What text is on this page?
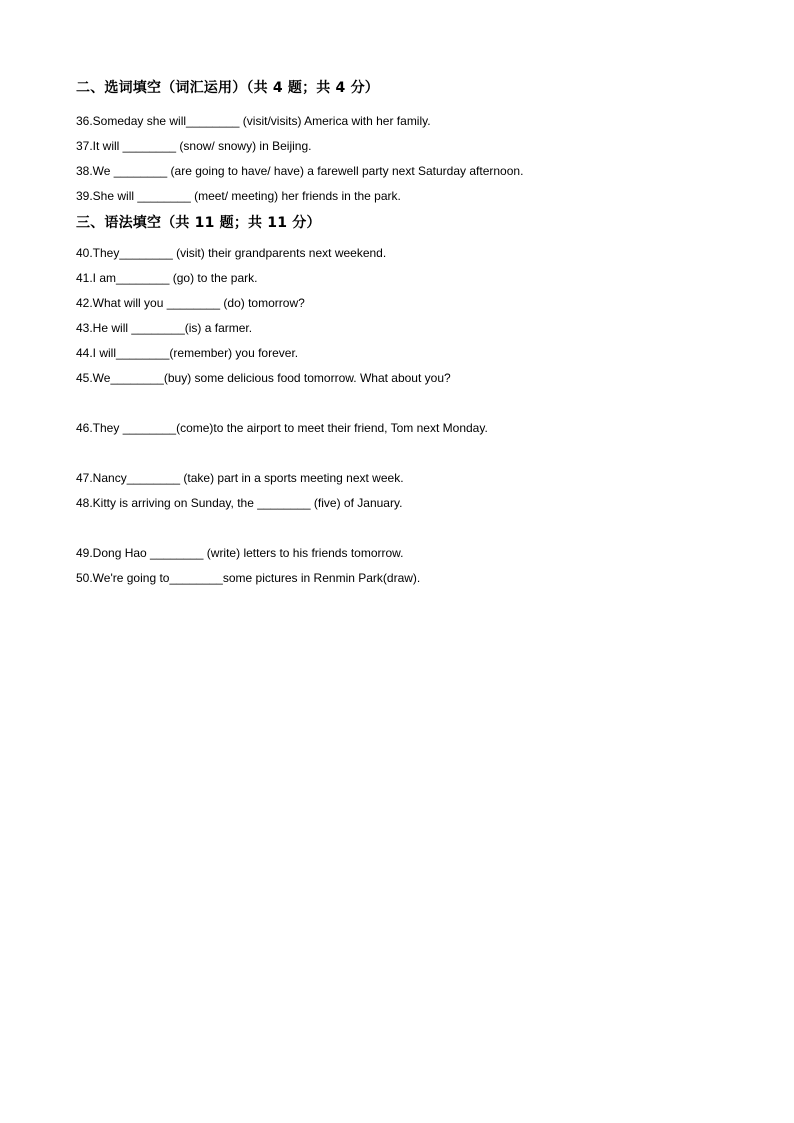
二、选词填空（词汇运用）（共 4 题；共 4 分）
36.Someday she will________ (visit/visits) America with her family.
37.It will ________ (snow/ snowy) in Beijing.
38.We ________ (are going to have/ have) a farewell party next Saturday afternoon.
39.She will ________ (meet/ meeting) her friends in the park.
三、语法填空（共 11 题；共 11 分）
40.They________ (visit) their grandparents next weekend.
41.I am________ (go) to the park.
42.What will you ________ (do) tomorrow?
43.He will ________(is) a farmer.
44.I will________(remember) you forever.
45.We________(buy) some delicious food tomorrow. What about you?
46.They ________(come)to the airport to meet their friend, Tom next Monday.
47.Nancy________ (take) part in a sports meeting next week.
48.Kitty is arriving on Sunday, the ________ (five) of January.
49.Dong Hao ________ (write) letters to his friends tomorrow.
50.We're going to________some pictures in Renmin Park(draw).
